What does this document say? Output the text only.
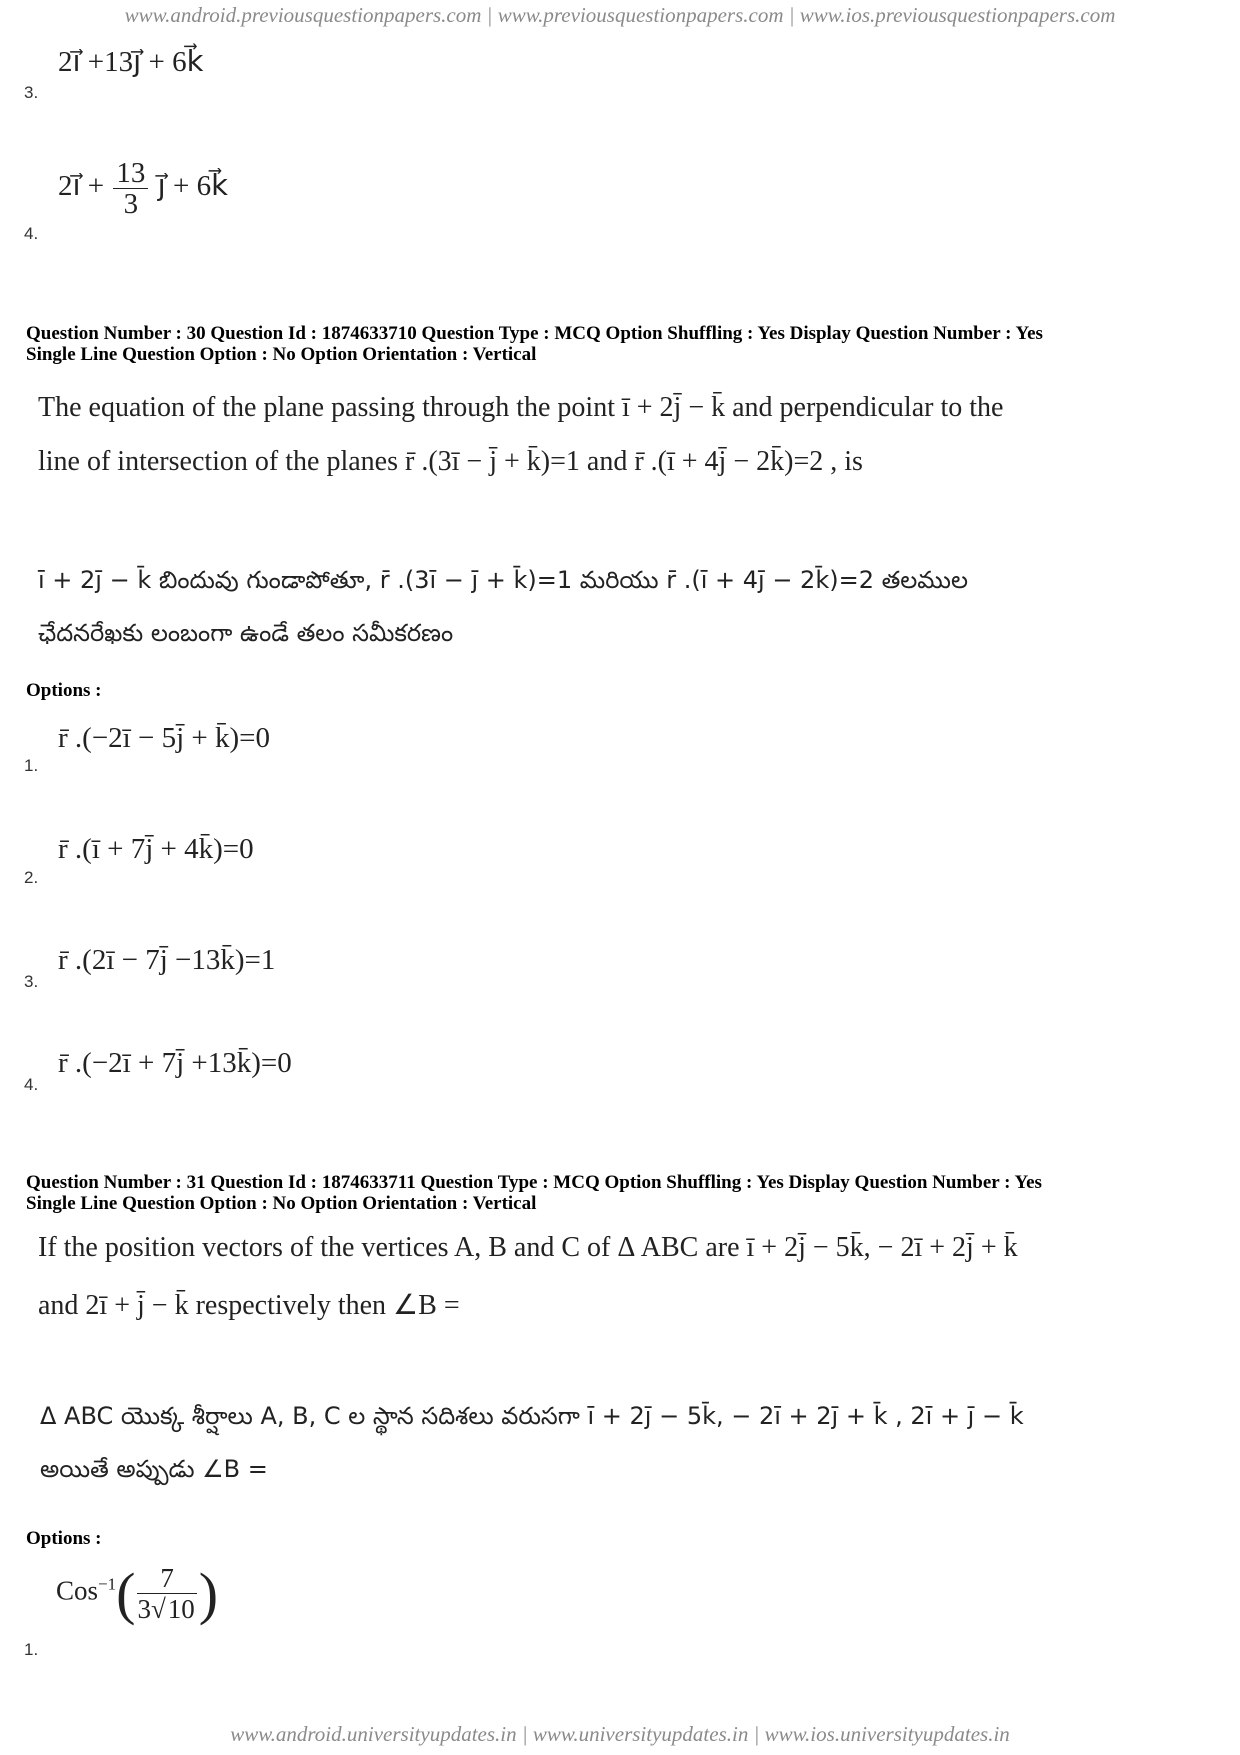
www.android.previousquestionpapers.com | www.previousquestionpapers.com | www.ios.previousquestionpapers.com
2i⃗ +13j⃗ + 6k⃗
3.
2i⃗ + $\frac{13}{3}$ j⃗ + 6k⃗
4.
Question Number : 30 Question Id : 1874633710 Question Type : MCQ Option Shuffling : Yes Display Question Number : Yes
Single Line Question Option : No Option Orientation : Vertical
The equation of the plane passing through the point ī + 2j̄ − k̄ and perpendicular to the
line of intersection of the planes r̄ .(3ī − j̄ + k̄)=1 and r̄ .(ī + 4j̄ − 2k̄)=2 , is
ī + 2j̄ − k̄ బిందువు గుండాపోతూ, r̄ .(3ī − j̄ + k̄)=1 మరియు r̄ .(ī + 4j̄ − 2k̄)=2 తలముల
ఛేదనరేఖకు లంబంగా ఉండే తలం సమీకరణం
Options :
r̄ .(−2ī − 5j̄ + k̄)=0
1.
r̄ .(ī + 7j̄ + 4k̄)=0
2.
r̄ .(2ī − 7j̄ −13k̄)=1
3.
r̄ .(−2ī + 7j̄ +13k̄)=0
4.
Question Number : 31 Question Id : 1874633711 Question Type : MCQ Option Shuffling : Yes Display Question Number : Yes
Single Line Question Option : No Option Orientation : Vertical
If the position vectors of the vertices A, B and C of Δ ABC are ī + 2j̄ − 5k̄, − 2ī + 2j̄ + k̄
and 2ī + j̄ − k̄ respectively then ∠B =
Δ ABC యొక్క శీర్షాలు A, B, C ల స్థాన సదిశలు వరుసగా ī + 2j̄ − 5k̄, − 2ī + 2j̄ + k̄ , 2ī + j̄ − k̄
అయితే అప్పుడు ∠B =
Options :
$Cos^{-1}( \frac{7}{3√10}$ )
1.
www.android.universityupdates.in | www.universityupdates.in | www.ios.universityupdates.in
